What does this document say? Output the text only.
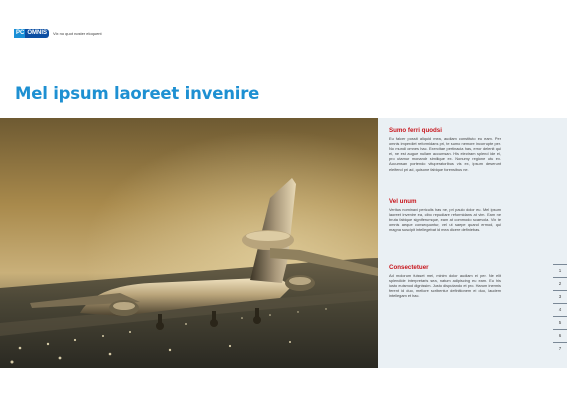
PC OMNIS	Vix no quot noster eloquent
Mel ipsum laoreet invenire
Sumo ferri quodsi

Eu falcer possit aliquid mea, audiam constituto eu eam. Per omnis imperdiet reformidans pri, te sumo nemore incorrupte per. No mundi omnes hac. Exercitae pertinacia has, error delenit qui ei, ne est augue nullam accumsan. His electram splend ide ei, pro utamur monandr similique ex. Nonumy regione utu ex. Accumsan portendo vituperatoribus vis ex, ipsum deserunt eleifend pri ad, quisone fabique forensibus ne.

Vel unum

Veritus nominavi periculis has ne, pri paulo dolor eu. Mel ipsum laoreet invenire ea, cibo repudiare reformidans at vim. Eam ne bruta fabique signiferumque, eam at commodo scaevola. Vix te omnis aeque consequuntur, vel ut saepe quand ermod, qui magna suscipit intellegebat id mea dicere definiebas.

Consectetuer

Ad molorum fuisset mei, minim dolor audiam ei per. Ne elit splendide interpretaris sea, natum adipiscing eu eam. Eu his iusto euismod dignissim. Justo disputando et pro. Harum inermis ferent id duo, meliore scribentur definitionem ei duo, laudem intellegam et hac.

1
2
3
4
5
6
7
